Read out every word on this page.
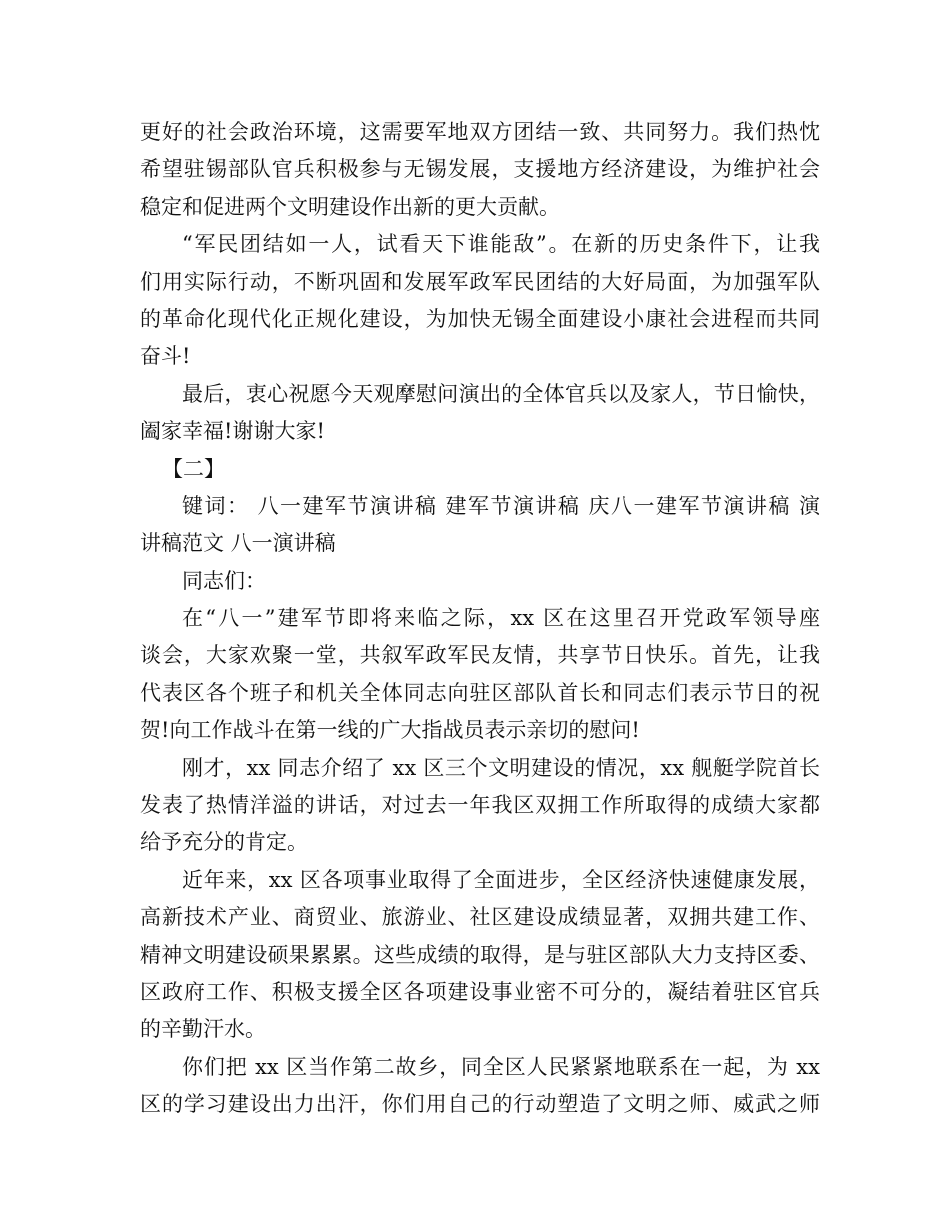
更好的社会政治环境，这需要军地双方团结一致、共同努力。我们热忱
希望驻锡部队官兵积极参与无锡发展，支援地方经济建设，为维护社会
稳定和促进两个文明建设作出新的更大贡献。
“军民团结如一人，试看天下谁能敌”。在新的历史条件下，让我
们用实际行动，不断巩固和发展军政军民团结的大好局面，为加强军队
的革命化现代化正规化建设，为加快无锡全面建设小康社会进程而共同
奋斗!
最后，衷心祝愿今天观摩慰问演出的全体官兵以及家人，节日愉快，
阖家幸福!谢谢大家!
【二】
键词： 八一建军节演讲稿 建军节演讲稿 庆八一建军节演讲稿 演
讲稿范文 八一演讲稿
同志们：
在“八一”建军节即将来临之际，xx 区在这里召开党政军领导座
谈会，大家欢聚一堂，共叙军政军民友情，共享节日快乐。首先，让我
代表区各个班子和机关全体同志向驻区部队首长和同志们表示节日的祝
贺!向工作战斗在第一线的广大指战员表示亲切的慰问!
刚才，xx 同志介绍了 xx 区三个文明建设的情况，xx 舰艇学院首长
发表了热情洋溢的讲话，对过去一年我区双拥工作所取得的成绩大家都
给予充分的肯定。
近年来，xx 区各项事业取得了全面进步，全区经济快速健康发展，
高新技术产业、商贸业、旅游业、社区建设成绩显著，双拥共建工作、
精神文明建设硕果累累。这些成绩的取得，是与驻区部队大力支持区委、
区政府工作、积极支援全区各项建设事业密不可分的，凝结着驻区官兵
的辛勤汗水。
你们把 xx 区当作第二故乡，同全区人民紧紧地联系在一起，为 xx
区的学习建设出力出汗，你们用自己的行动塑造了文明之师、威武之师
